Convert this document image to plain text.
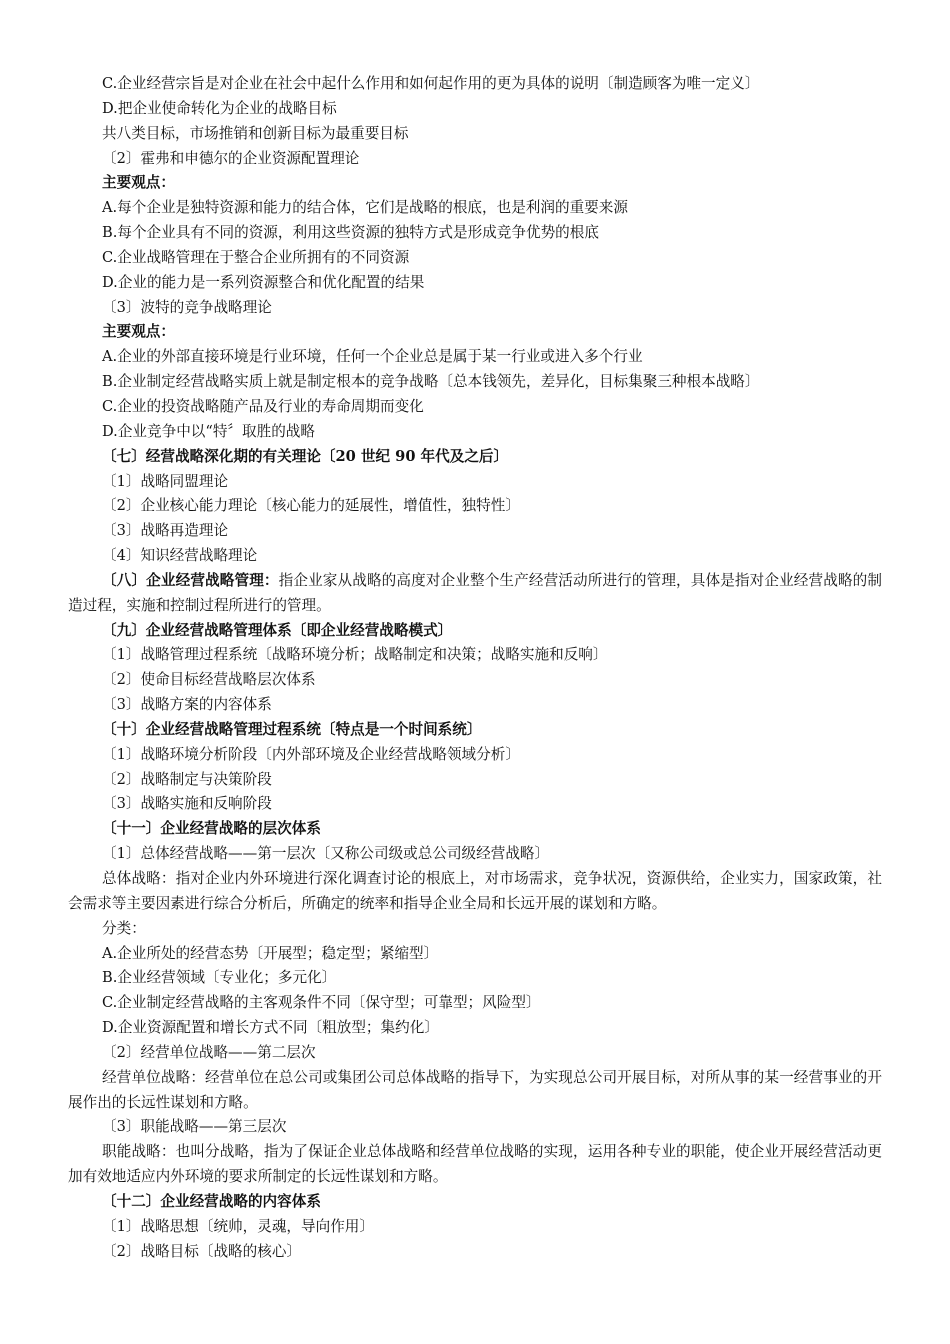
C.企业经营宗旨是对企业在社会中起什么作用和如何起作用的更为具体的说明〔制造顾客为唯一定义〕
D.把企业使命转化为企业的战略目标
共八类目标，市场推销和创新目标为最重要目标
〔2〕霍弗和申德尔的企业资源配置理论
主要观点：
A.每个企业是独特资源和能力的结合体，它们是战略的根底，也是利润的重要来源
B.每个企业具有不同的资源，利用这些资源的独特方式是形成竞争优势的根底
C.企业战略管理在于整合企业所拥有的不同资源
D.企业的能力是一系列资源整合和优化配置的结果
〔3〕波特的竞争战略理论
主要观点：
A.企业的外部直接环境是行业环境，任何一个企业总是属于某一行业或进入多个行业
B.企业制定经营战略实质上就是制定根本的竞争战略〔总本钱领先，差异化，目标集聚三种根本战略〕
C.企业的投资战略随产品及行业的寿命周期而变化
D.企业竞争中以“特〞取胜的战略
〔七〕经营战略深化期的有关理论〔20 世纪 90 年代及之后〕
〔1〕战略同盟理论
〔2〕企业核心能力理论〔核心能力的延展性，增值性，独特性〕
〔3〕战略再造理论
〔4〕知识经营战略理论
〔八〕企业经营战略管理：指企业家从战略的高度对企业整个生产经营活动所进行的管理，具体是指对企业经营战略的制造过程，实施和控制过程所进行的管理。
〔九〕企业经营战略管理体系〔即企业经营战略模式〕
〔1〕战略管理过程系统〔战略环境分析；战略制定和决策；战略实施和反响〕
〔2〕使命目标经营战略层次体系
〔3〕战略方案的内容体系
〔十〕企业经营战略管理过程系统〔特点是一个时间系统〕
〔1〕战略环境分析阶段〔内外部环境及企业经营战略领域分析〕
〔2〕战略制定与决策阶段
〔3〕战略实施和反响阶段
〔十一〕企业经营战略的层次体系
〔1〕总体经营战略——第一层次〔又称公司级或总公司级经营战略〕
总体战略：指对企业内外环境进行深化调查讨论的根底上，对市场需求，竞争状况，资源供给，企业实力，国家政策，社会需求等主要因素进行综合分析后，所确定的统率和指导企业全局和长远开展的谋划和方略。
分类：
A.企业所处的经营态势〔开展型；稳定型；紧缩型〕
B.企业经营领域〔专业化；多元化〕
C.企业制定经营战略的主客观条件不同〔保守型；可靠型；风险型〕
D.企业资源配置和增长方式不同〔粗放型；集约化〕
〔2〕经营单位战略——第二层次
经营单位战略：经营单位在总公司或集团公司总体战略的指导下，为实现总公司开展目标，对所从事的某一经营事业的开展作出的长远性谋划和方略。
〔3〕职能战略——第三层次
职能战略：也叫分战略，指为了保证企业总体战略和经营单位战略的实现，运用各种专业的职能，使企业开展经营活动更加有效地适应内外环境的要求所制定的长远性谋划和方略。
〔十二〕企业经营战略的内容体系
〔1〕战略思想〔统帅，灵魂，导向作用〕
〔2〕战略目标〔战略的核心〕
